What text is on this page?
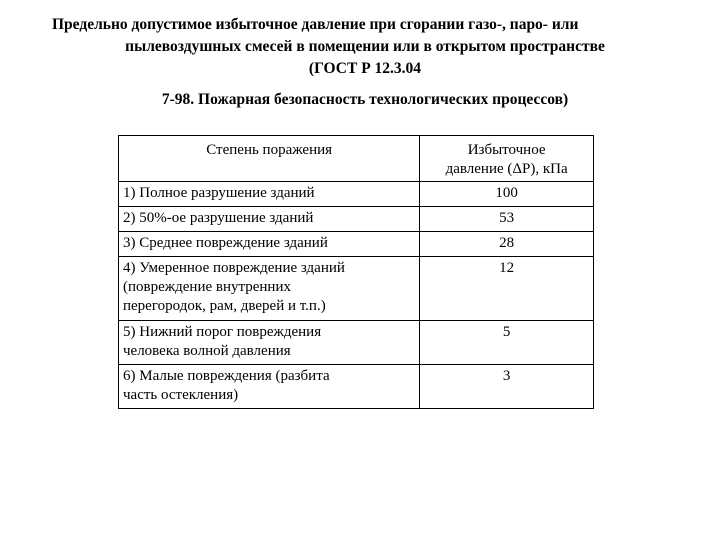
Предельно допустимое избыточное давление при сгорании газо-, паро- или
пылевоздушных смесей в помещении или в открытом пространстве
(ГОСТ Р 12.3.04
7-98. Пожарная безопасность технологических процессов)
Степень поражения	Избыточное
давление (ΔP), кПа
1) Полное разрушение зданий	100
2) 50%-ое разрушение зданий	53
3) Среднее повреждение зданий	28
4) Умеренное повреждение зданий
(повреждение внутренних
перегородок, рам, дверей и т.п.)	12
5) Нижний порог повреждения
человека волной давления	5
6) Малые повреждения (разбита
часть остекления)	3
